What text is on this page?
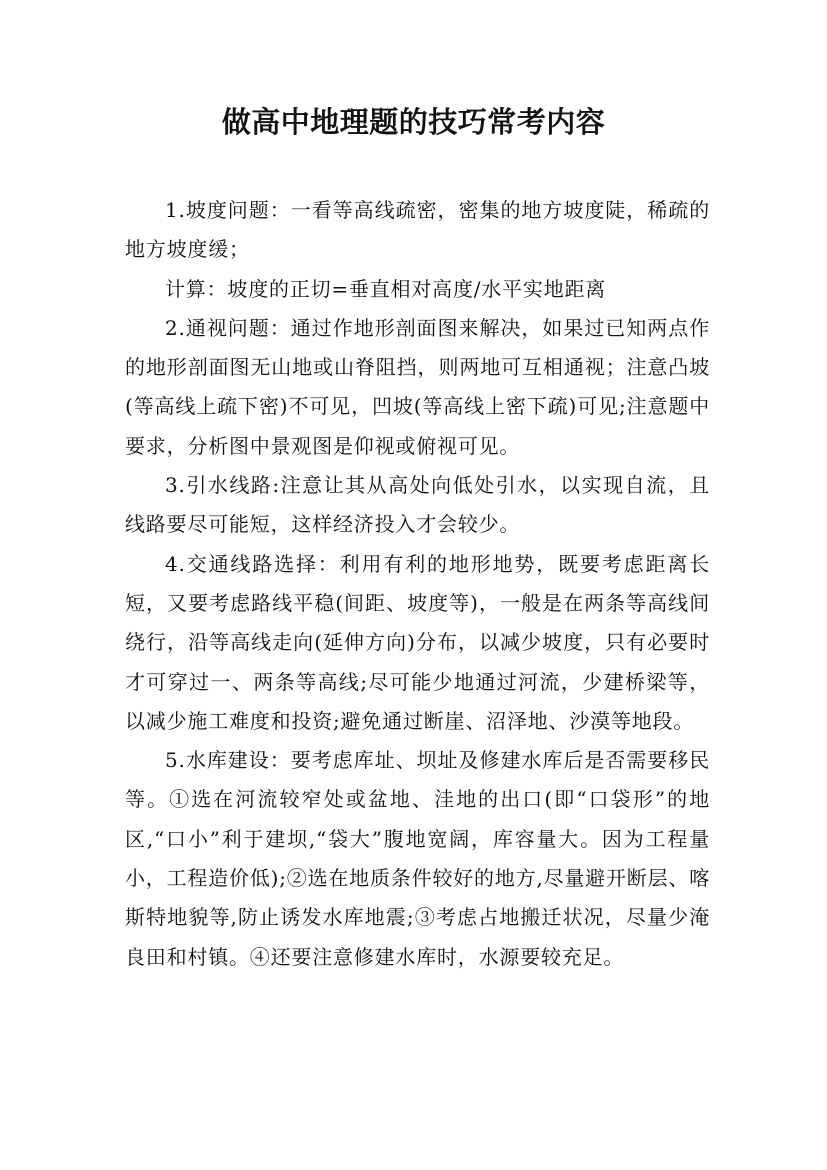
做高中地理题的技巧常考内容

1.坡度问题：一看等高线疏密，密集的地方坡度陡，稀疏的地方坡度缓；

计算：坡度的正切=垂直相对高度/水平实地距离

2.通视问题：通过作地形剖面图来解决，如果过已知两点作的地形剖面图无山地或山脊阻挡，则两地可互相通视；注意凸坡(等高线上疏下密)不可见，凹坡(等高线上密下疏)可见;注意题中要求，分析图中景观图是仰视或俯视可见。

3.引水线路:注意让其从高处向低处引水，以实现自流，且线路要尽可能短，这样经济投入才会较少。

4.交通线路选择：利用有利的地形地势，既要考虑距离长短，又要考虑路线平稳(间距、坡度等)，一般是在两条等高线间绕行，沿等高线走向(延伸方向)分布，以减少坡度，只有必要时才可穿过一、两条等高线;尽可能少地通过河流，少建桥梁等，以减少施工难度和投资;避免通过断崖、沼泽地、沙漠等地段。

5.水库建设：要考虑库址、坝址及修建水库后是否需要移民等。①选在河流较窄处或盆地、洼地的出口(即“口袋形”的地区,“口小”利于建坝,“袋大”腹地宽阔，库容量大。因为工程量小，工程造价低);②选在地质条件较好的地方,尽量避开断层、喀斯特地貌等,防止诱发水库地震;③考虑占地搬迁状况，尽量少淹良田和村镇。④还要注意修建水库时，水源要较充足。
